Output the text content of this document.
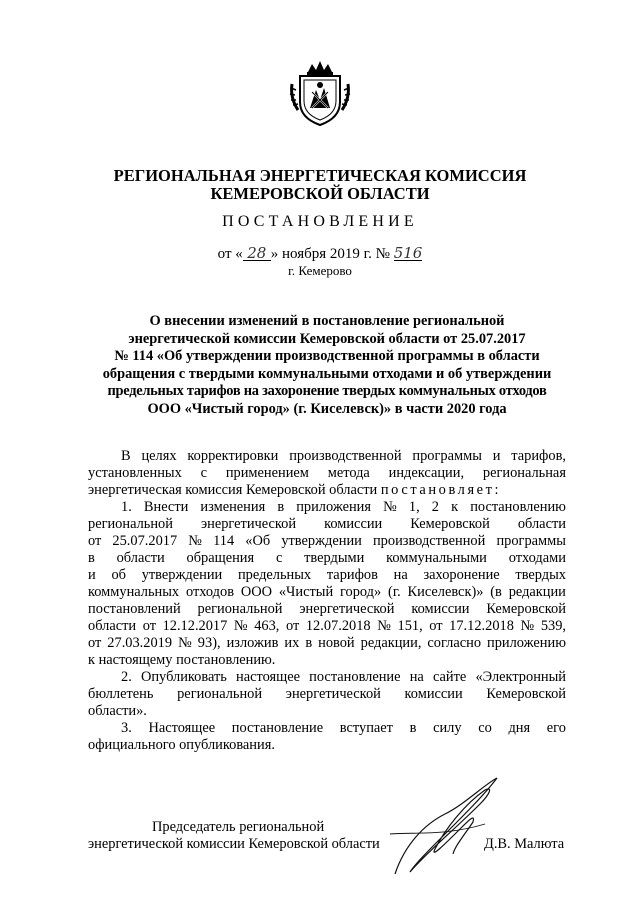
РЕГИОНАЛЬНАЯ ЭНЕРГЕТИЧЕСКАЯ КОМИССИЯ
КЕМЕРОВСКОЙ ОБЛАСТИ
ПОСТАНОВЛЕНИЕ
от « 28 » ноября 2019 г. № 516
г. Кемерово
О внесении изменений в постановление региональной
энергетической комиссии Кемеровской области от 25.07.2017
№ 114 «Об утверждении производственной программы в области
обращения с твердыми коммунальными отходами и об утверждении
предельных тарифов на захоронение твердых коммунальных отходов
ООО «Чистый город» (г. Киселевск)» в части 2020 года
В целях корректировки производственной программы и тарифов,
установленных с применением метода индексации, региональная
энергетическая комиссия Кемеровской области постановляет:
1. Внести изменения в приложения № 1, 2 к постановлению
региональной энергетической комиссии Кемеровской области
от 25.07.2017 № 114 «Об утверждении производственной программы
в области обращения с твердыми коммунальными отходами
и об утверждении предельных тарифов на захоронение твердых
коммунальных отходов ООО «Чистый город» (г. Киселевск)» (в редакции
постановлений региональной энергетической комиссии Кемеровской
области от 12.12.2017 № 463, от 12.07.2018 № 151, от 17.12.2018 № 539,
от 27.03.2019 № 93), изложив их в новой редакции, согласно приложению
к настоящему постановлению.
2. Опубликовать настоящее постановление на сайте «Электронный
бюллетень региональной энергетической комиссии Кемеровской
области».
3. Настоящее постановление вступает в силу со дня его
официального опубликования.
Председатель региональной
энергетической комиссии Кемеровской области	Д.В. Малюта
